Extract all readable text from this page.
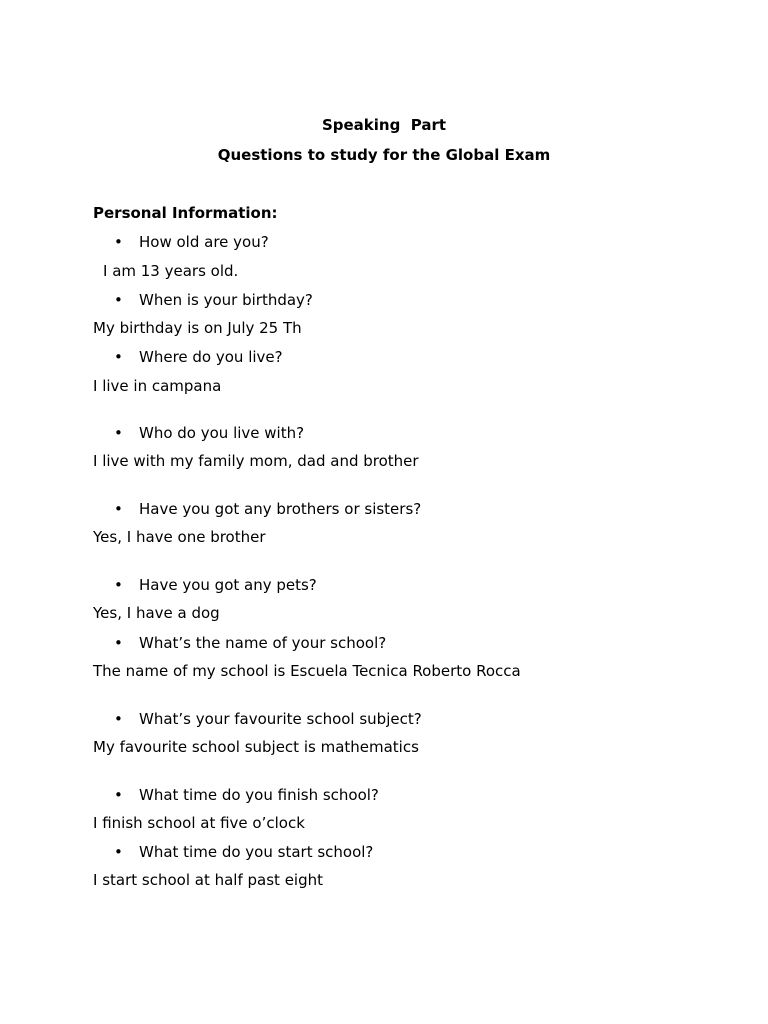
Speaking  Part
Questions to study for the Global Exam
Personal Information:
• How old are you?
I am 13 years old.
• When is your birthday?
My birthday is on July 25 Th
• Where do you live?
I live in campana
• Who do you live with?
I live with my family mom, dad and brother
• Have you got any brothers or sisters?
Yes, I have one brother
• Have you got any pets?
Yes, I have a dog
• What’s the name of your school?
The name of my school is Escuela Tecnica Roberto Rocca
• What’s your favourite school subject?
My favourite school subject is mathematics
• What time do you finish school?
I finish school at five o’clock
• What time do you start school?
I start school at half past eight
